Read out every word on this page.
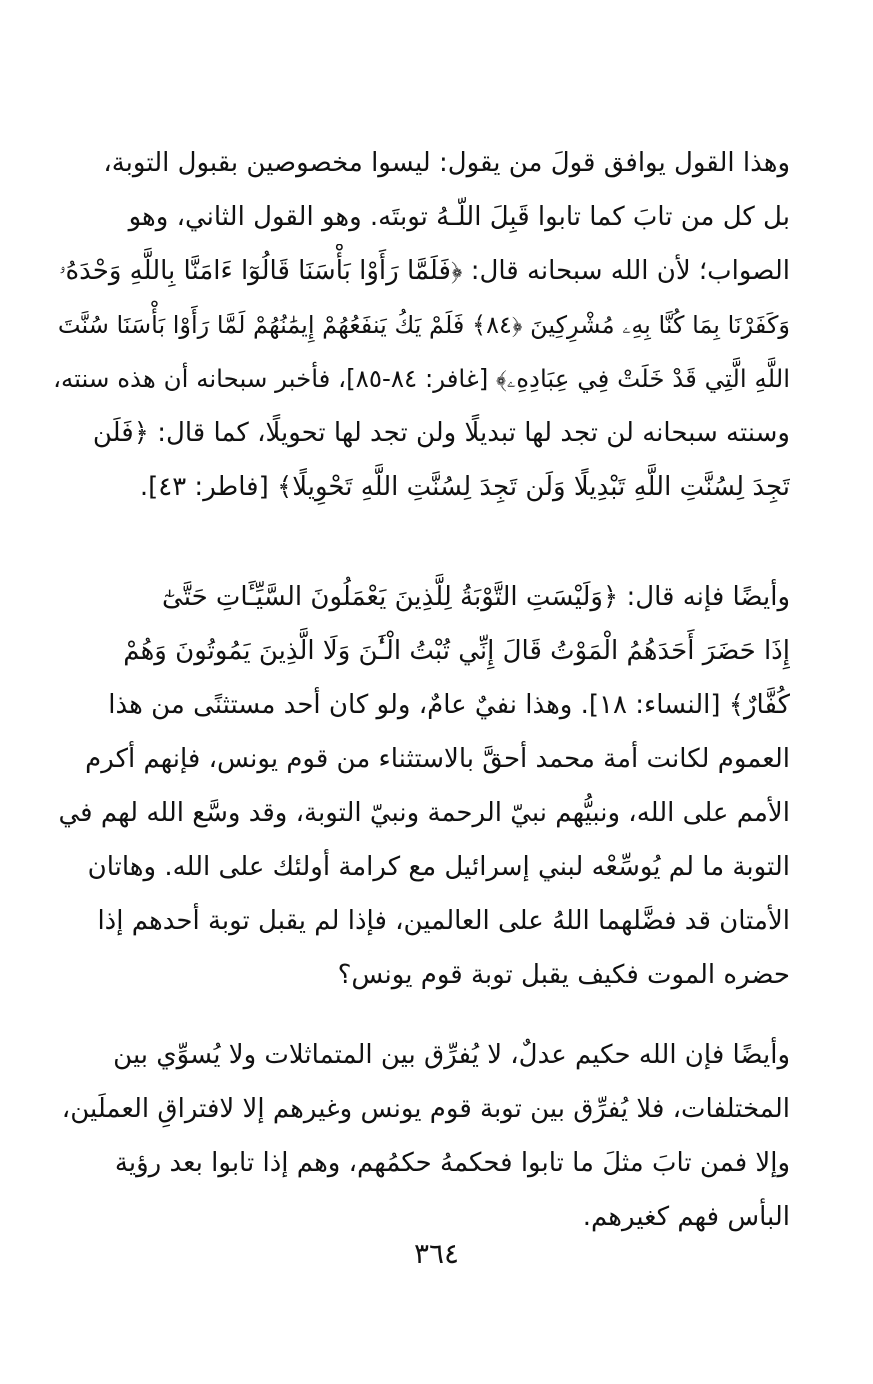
وهذا القول يوافق قولَ من يقول: ليسوا مخصوصين بقبول التوبة،
بل كل من تابَ كما تابوا قَبِلَ اللّـهُ توبتَه. وهو القول الثاني، وهو
الصواب؛ لأن الله سبحانه قال: ﴿فَلَمَّا رَأَوْا بَأْسَنَا قَالُوٓا ءَامَنَّا بِاللَّهِ وَحْدَهُۥ
وَكَفَرْنَا بِمَا كُنَّا بِهِۦ مُشْرِكِينَ ﴿٨٤﴾ فَلَمْ يَكُ يَنفَعُهُمْ إِيمَٰنُهُمْ لَمَّا رَأَوْا بَأْسَنَا سُنَّتَ
اللَّهِ الَّتِي قَدْ خَلَتْ فِي عِبَادِهِۦ﴾ [غافر: ٨٤-٨٥]، فأخبر سبحانه أن هذه سنته،
وسنته سبحانه لن تجد لها تبديلًا ولن تجد لها تحويلًا، كما قال: ﴿فَلَن
تَجِدَ لِسُنَّتِ اللَّهِ تَبْدِيلًا وَلَن تَجِدَ لِسُنَّتِ اللَّهِ تَحْوِيلًا﴾ [فاطر: ٤٣].
وأيضًا فإنه قال: ﴿وَلَيْسَتِ التَّوْبَةُ لِلَّذِينَ يَعْمَلُونَ السَّيِّـَٔاتِ حَتَّىٰٓ
إِذَا حَضَرَ أَحَدَهُمُ الْمَوْتُ قَالَ إِنِّي تُبْتُ الْـَٰٔنَ وَلَا الَّذِينَ يَمُوتُونَ وَهُمْ
كُفَّارٌ﴾ [النساء: ١٨]. وهذا نفيٌ عامٌ، ولو كان أحد مستثنًى من هذا
العموم لكانت أمة محمد أحقَّ بالاستثناء من قوم يونس، فإنهم أكرم
الأمم على الله، ونبيُّهم نبيّ الرحمة ونبيّ التوبة، وقد وسَّع الله لهم في
التوبة ما لم يُوسِّعْه لبني إسرائيل مع كرامة أولئك على الله. وهاتان
الأمتان قد فضَّلهما اللهُ على العالمين، فإذا لم يقبل توبة أحدهم إذا
حضره الموت فكيف يقبل توبة قوم يونس؟
وأيضًا فإن الله حكيم عدلٌ، لا يُفرِّق بين المتماثلات ولا يُسوِّي بين
المختلفات، فلا يُفرِّق بين توبة قوم يونس وغيرهم إلا لافتراقِ العملَين،
وإلا فمن تابَ مثلَ ما تابوا فحكمهُ حكمُهم، وهم إذا تابوا بعد رؤية
البأس فهم كغيرهم.
٣٦٤
